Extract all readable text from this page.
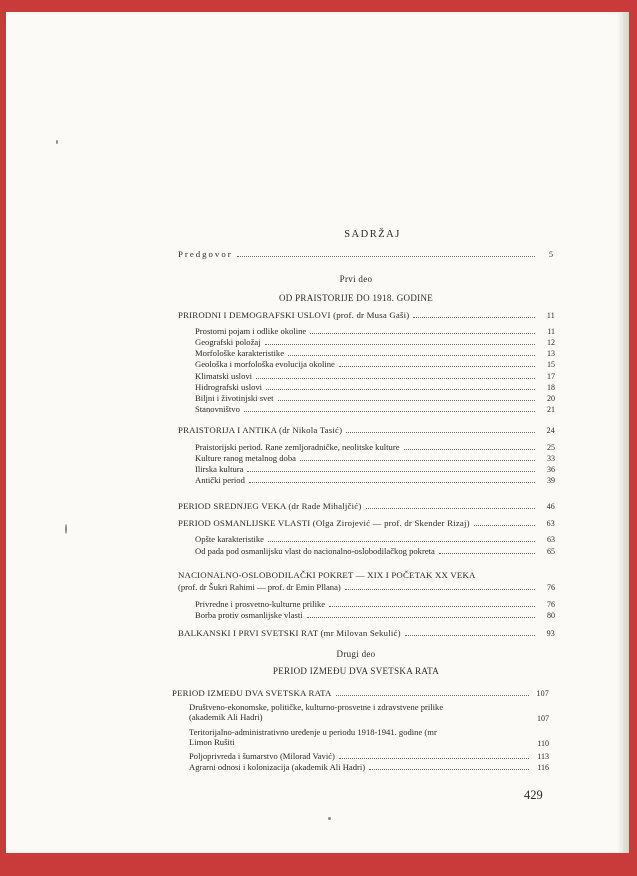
SADRŽAJ
Predgovor	5
Prvi deo
OD PRAISTORIJE DO 1918. GODINE
PRIRODNI I DEMOGRAFSKI USLOVI (prof. dr Musa Gaši)	11
Prostorni pojam i odlike okoline	11
Geografski položaj	12
Morfološke karakteristike	13
Geološka i morfološka evolucija okoline	15
Klimatski uslovi	17
Hidrografski uslovi	18
Biljni i životinjski svet	20
Stanovništvo	21
PRAISTORIJA I ANTIKA (dr Nikola Tasić)	24
Praistorijski period. Rane zemljoradničke, neolitske kulture	25
Kulture ranog metalnog doba	33
Ilirska kultura	36
Antički period	39
PERIOD SREDNJEG VEKA (dr Rade Mihaljčić)	46
PERIOD OSMANLIJSKE VLASTI (Olga Zirojević — prof. dr Skender Rizaj)	63
Opšte karakteristike	63
Od pada pod osmanlijsku vlast do nacionalno-oslobodilačkog pokreta	65
NACIONALNO-OSLOBODILAČKI POKRET — XIX I POČETAK XX VEKA
(prof. dr Šukri Rahimi — prof. dr Emin Pllana)	76
Privredne i prosvetno-kulturne prilike	76
Borba protiv osmanlijske vlasti	80
BALKANSKI I PRVI SVETSKI RAT (mr Milovan Sekulić)	93
Drugi deo
PERIOD IZMEĐU DVA SVETSKA RATA
PERIOD IZMEĐU DVA SVETSKA RATA	107
Društveno-ekonomske, političke, kulturno-prosvetne i zdravstvene prilike
(akademik Ali Hadri)	107
Teritorijalno-administrativno uređenje u periodu 1918-1941. godine (mr
Limon Rušiti	110
Poljoprivreda i šumarstvo (Milorad Vavić)	113
Agrarni odnosi i kolonizacija (akademik Ali Hadri)	116
429
